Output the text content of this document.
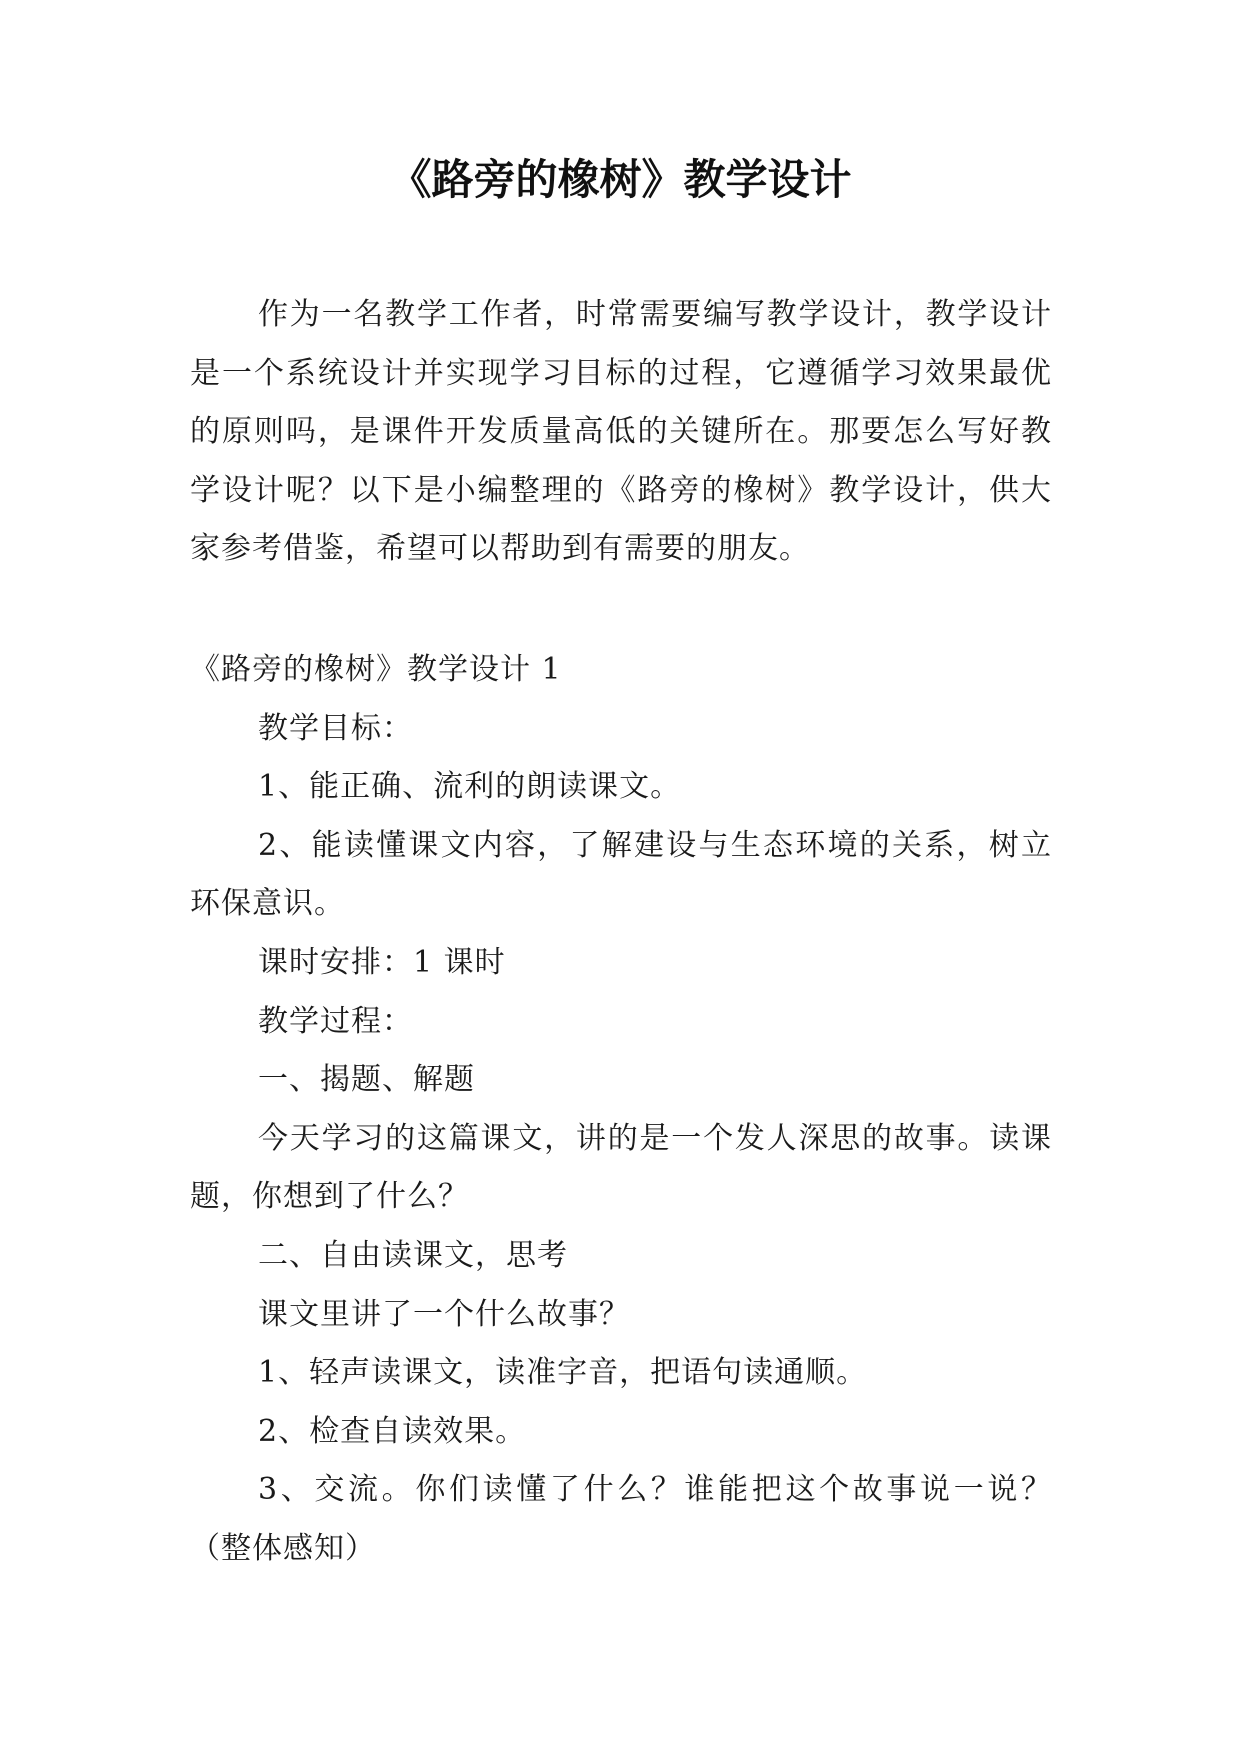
《路旁的橡树》教学设计

作为一名教学工作者，时常需要编写教学设计，教学设计是一个系统设计并实现学习目标的过程，它遵循学习效果最优的原则吗，是课件开发质量高低的关键所在。那要怎么写好教学设计呢？以下是小编整理的《路旁的橡树》教学设计，供大家参考借鉴，希望可以帮助到有需要的朋友。

《路旁的橡树》教学设计 1

教学目标：

1、能正确、流利的朗读课文。

2、能读懂课文内容，了解建设与生态环境的关系，树立环保意识。

课时安排：1 课时

教学过程：

一、揭题、解题

今天学习的这篇课文，讲的是一个发人深思的故事。读课题，你想到了什么？

二、自由读课文，思考

课文里讲了一个什么故事？

1、轻声读课文，读准字音，把语句读通顺。

2、检查自读效果。

3、交流。你们读懂了什么？谁能把这个故事说一说？（整体感知）
